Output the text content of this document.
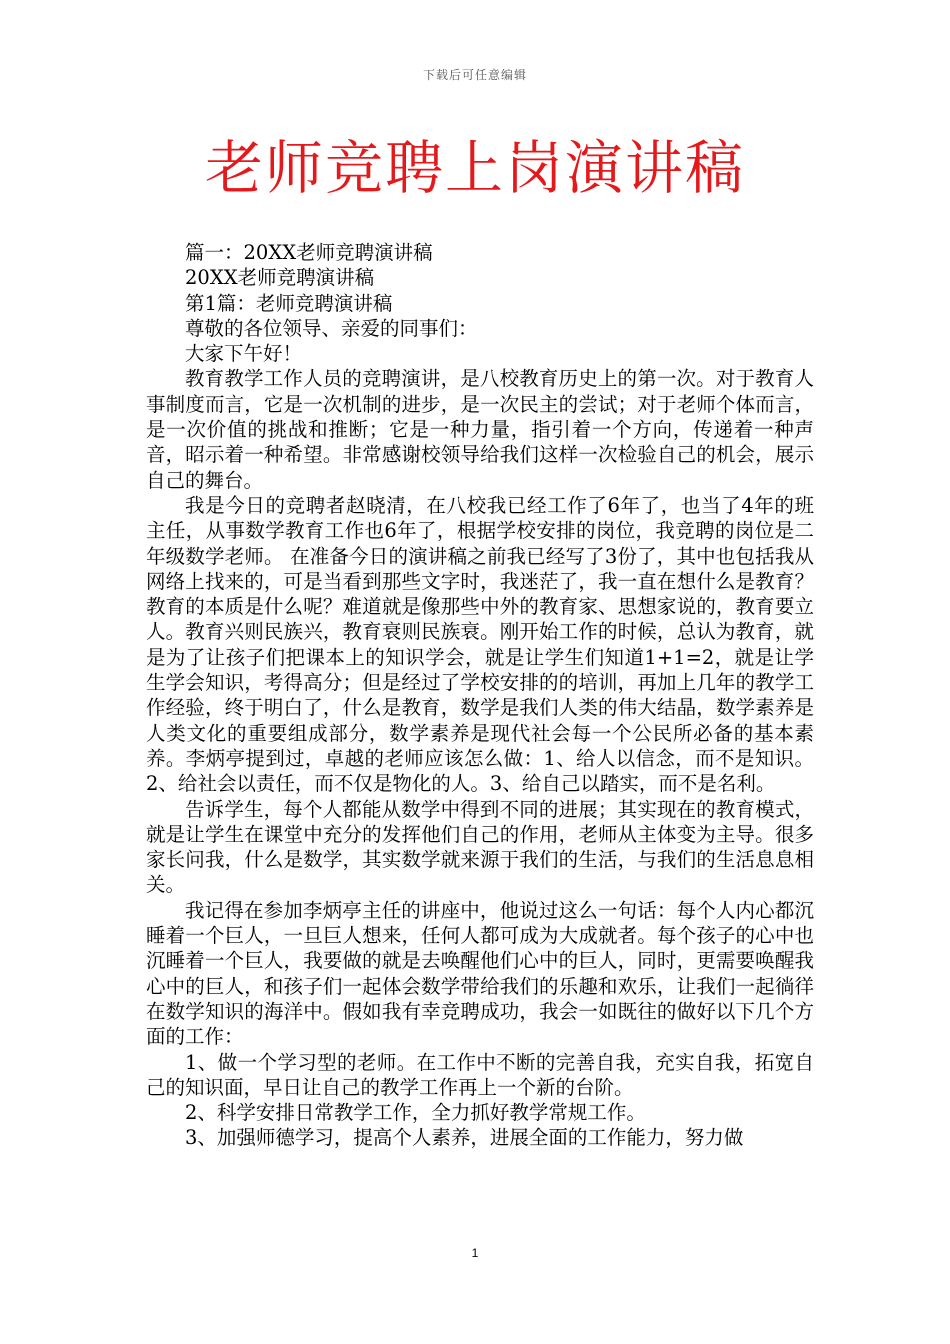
下载后可任意编辑
老师竞聘上岗演讲稿

篇一：20XX老师竞聘演讲稿

20XX老师竞聘演讲稿

第1篇：老师竞聘演讲稿

尊敬的各位领导、亲爱的同事们：

大家下午好！

教育教学工作人员的竞聘演讲，是八校教育历史上的第一次。对于教育人事制度而言，它是一次机制的进步，是一次民主的尝试；对于老师个体而言，是一次价值的挑战和推断；它是一种力量，指引着一个方向，传递着一种声音，昭示着一种希望。非常感谢校领导给我们这样一次检验自己的机会，展示自己的舞台。

我是今日的竞聘者赵晓清，在八校我已经工作了6年了，也当了4年的班主任，从事数学教育工作也6年了，根据学校安排的岗位，我竞聘的岗位是二年级数学老师。 在准备今日的演讲稿之前我已经写了3份了，其中也包括我从网络上找来的，可是当看到那些文字时，我迷茫了，我一直在想什么是教育？教育的本质是什么呢？难道就是像那些中外的教育家、思想家说的，教育要立人。教育兴则民族兴，教育衰则民族衰。刚开始工作的时候，总认为教育，就是为了让孩子们把课本上的知识学会，就是让学生们知道1+1=2，就是让学生学会知识，考得高分；但是经过了学校安排的的培训，再加上几年的教学工作经验，终于明白了，什么是教育，数学是我们人类的伟大结晶，数学素养是人类文化的重要组成部分，数学素养是现代社会每一个公民所必备的基本素养。李炳亭提到过，卓越的老师应该怎么做：1、给人以信念，而不是知识。2、给社会以责任，而不仅是物化的人。3、给自己以踏实，而不是名利。

告诉学生，每个人都能从数学中得到不同的进展；其实现在的教育模式，就是让学生在课堂中充分的发挥他们自己的作用，老师从主体变为主导。很多家长问我，什么是数学，其实数学就来源于我们的生活，与我们的生活息息相关。

我记得在参加李炳亭主任的讲座中，他说过这么一句话：每个人内心都沉睡着一个巨人，一旦巨人想来，任何人都可成为大成就者。每个孩子的心中也沉睡着一个巨人，我要做的就是去唤醒他们心中的巨人，同时，更需要唤醒我心中的巨人，和孩子们一起体会数学带给我们的乐趣和欢乐，让我们一起徜徉在数学知识的海洋中。假如我有幸竞聘成功，我会一如既往的做好以下几个方面的工作：

1、做一个学习型的老师。在工作中不断的完善自我，充实自我，拓宽自己的知识面，早日让自己的教学工作再上一个新的台阶。

2、科学安排日常教学工作，全力抓好教学常规工作。

3、加强师德学习，提高个人素养，进展全面的工作能力，努力做

1
